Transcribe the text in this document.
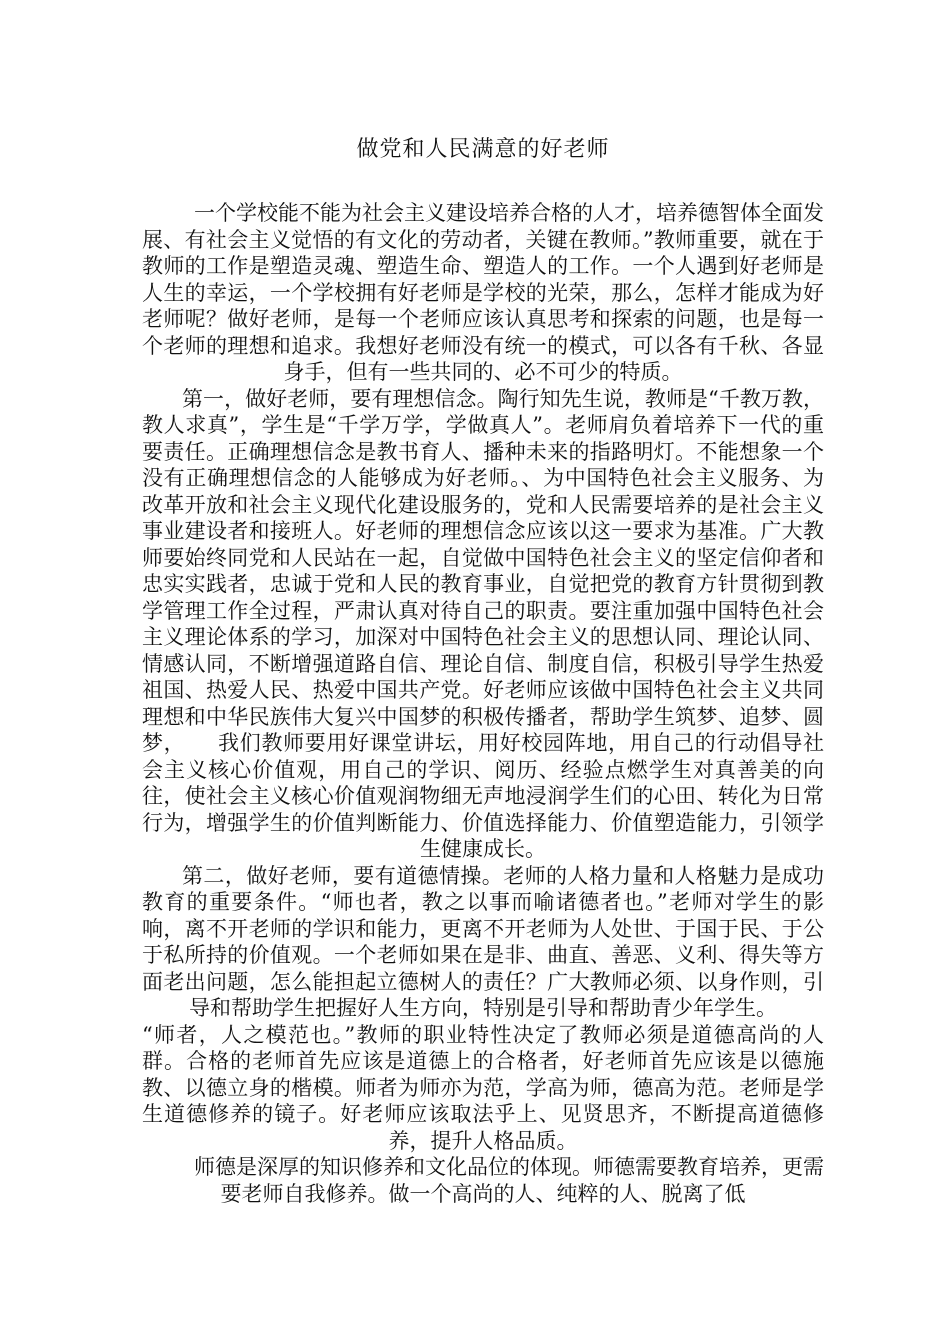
做党和人民满意的好老师

一个学校能不能为社会主义建设培养合格的人才，培养德智体全面发展、有社会主义觉悟的有文化的劳动者，关键在教师。”教师重要，就在于教师的工作是塑造灵魂、塑造生命、塑造人的工作。一个人遇到好老师是人生的幸运，一个学校拥有好老师是学校的光荣，那么，怎样才能成为好老师呢？做好老师，是每一个老师应该认真思考和探索的问题，也是每一个老师的理想和追求。我想好老师没有统一的模式，可以各有千秋、各显身手，但有一些共同的、必不可少的特质。

第一，做好老师，要有理想信念。陶行知先生说，教师是“千教万教，教人求真”，学生是“千学万学，学做真人”。老师肩负着培养下一代的重要责任。正确理想信念是教书育人、播种未来的指路明灯。不能想象一个没有正确理想信念的人能够成为好老师。、为中国特色社会主义服务、为改革开放和社会主义现代化建设服务的，党和人民需要培养的是社会主义事业建设者和接班人。好老师的理想信念应该以这一要求为基准。广大教师要始终同党和人民站在一起，自觉做中国特色社会主义的坚定信仰者和忠实实践者，忠诚于党和人民的教育事业，自觉把党的教育方针贯彻到教学管理工作全过程，严肃认真对待自己的职责。要注重加强中国特色社会主义理论体系的学习，加深对中国特色社会主义的思想认同、理论认同、情感认同，不断增强道路自信、理论自信、制度自信，积极引导学生热爱祖国、热爱人民、热爱中国共产党。好老师应该做中国特色社会主义共同理想和中华民族伟大复兴中国梦的积极传播者，帮助学生筑梦、追梦、圆梦，　　我们教师要用好课堂讲坛，用好校园阵地，用自己的行动倡导社会主义核心价值观，用自己的学识、阅历、经验点燃学生对真善美的向往，使社会主义核心价值观润物细无声地浸润学生们的心田、转化为日常行为，增强学生的价值判断能力、价值选择能力、价值塑造能力，引领学生健康成长。

第二，做好老师，要有道德情操。老师的人格力量和人格魅力是成功教育的重要条件。“师也者，教之以事而喻诸德者也。”老师对学生的影响，离不开老师的学识和能力，更离不开老师为人处世、于国于民、于公于私所持的价值观。一个老师如果在是非、曲直、善恶、义利、得失等方面老出问题，怎么能担起立德树人的责任？广大教师必须、以身作则，引导和帮助学生把握好人生方向，特别是引导和帮助青少年学生。

“师者，人之模范也。”教师的职业特性决定了教师必须是道德高尚的人群。合格的老师首先应该是道德上的合格者，好老师首先应该是以德施教、以德立身的楷模。师者为师亦为范，学高为师，德高为范。老师是学生道德修养的镜子。好老师应该取法乎上、见贤思齐，不断提高道德修养，提升人格品质。

师德是深厚的知识修养和文化品位的体现。师德需要教育培养，更需要老师自我修养。做一个高尚的人、纯粹的人、脱离了低
